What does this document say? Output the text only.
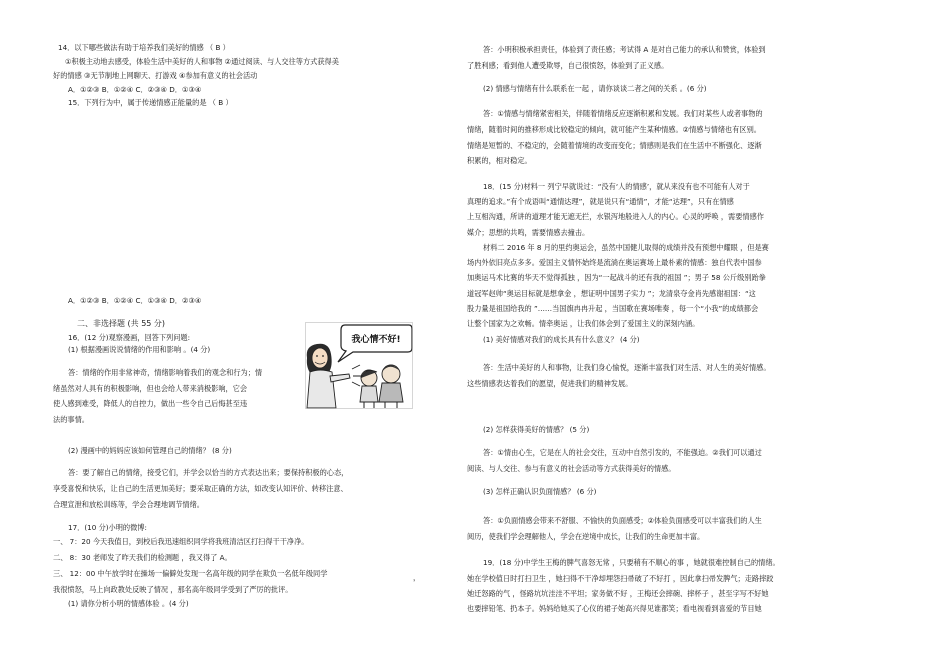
14．以下哪些做法有助于培养我们美好的情感 （ B ）
①积极主动地去感受，体验生活中美好的人和事物 ②通过阅读、与人交往等方式获得美
好的情感 ③无节制地上网聊天、打游戏 ④参加有意义的社会活动
A．①②③ B．①②④ C．②③④ D．①③④
15．下列行为中，属于传递情感正能量的是 （ B ）
A．①②③ B．①②④ C．①③④ D．②③④
二、非选择题 (共 55 分)
16．(12 分)观察漫画，回答下列问题:
(1) 根据漫画说说情绪的作用和影响 。(4 分)
答：情绪的作用非常神奇，情绪影响着我们的观念和行为；情
绪虽然对人具有的积极影响，但也会给人带来消极影响，它会
使人感到难受，降低人的自控力，做出一些令自己后悔甚至违
法的事情。
(2) 漫画中的妈妈应该如何管理自己的情绪？ (8 分)
答：要了解自己的情绪，接受它们，并学会以恰当的方式表达出来；要保持积极的心态，
享受喜悦和快乐，让自己的生活更加美好；要采取正确的方法，如改变认知评价、转移注意、
合理宣泄和放松训练等，学会合理地调节情绪。
17．(10 分)小明的微博:
一、 7：20 今天我值日，到校后我迅速组织同学将我班清洁区打扫得干干净净。
二、 8：30 老师发了昨天我们的检测题 ，我又得了 A。
三、 12：00 中午放学时在操场一偏僻处发现一名高年级的同学在欺负一名低年级同学	，
我很愤怒，马上向政教处反映了情况 ，那名高年级同学受到了严厉的批评。
(1) 请你分析小明的情感体验 。(4 分)
我心情不好!
答：小明积极承担责任，体验到了责任感；考试得 A 是对自己能力的承认和赞赏，体验到
了胜利感；看到他人遭受欺辱，自己很愤怒，体验到了正义感。
(2) 情感与情绪有什么联系在一起 ，请你谈谈二者之间的关系 。(6 分)
答：①情感与情绪紧密相关，伴随着情绪反应逐渐积累和发展。我们对某些人或者事物的
情绪，随着时间的推移形成比较稳定的倾向，就可能产生某种情感。②情感与情绪也有区别。
情绪是短暂的、不稳定的，会随着情境的改变而变化；情感则是我们在生活中不断强化、逐渐
积累的，相对稳定。
18．(15 分)材料一 列宁早就说过：“没有‘人的情感’，就从来没有也不可能有人对于
真理的追求。”有个成语叫“通情达理”，就是说只有“通情”，才能“达理”，只有在情感
上互相沟通，所讲的道理才能无遮无拦，水银泻地般进入人的内心。心灵的呼唤 ，需要情感作
媒介；思想的共鸣，需要情感去撞击。
材料二 2016 年 8 月的里约奥运会，虽然中国健儿取得的成绩并没有预想中耀眼 ，但是赛
场内外依旧亮点多多。爱国主义情怀始终是流淌在奥运赛场上最朴素的情感：独自代表中国参
加奥运马术比赛的华天不觉得孤独 ，因为“一起战斗的还有我的祖国 ”；男子 58 公斤级别跆拳
道冠军赵帅“奥运目标就是想拿金 ，想证明中国男子实力 ”；龙清泉夺金肖先感谢祖国：“这
股力量是祖国给我的 ”……当国旗冉冉升起 ，当国歌在赛场唯奏 ，每一个“小我”的成绩都会
让整个国家为之欢畅。情牵奥运 ，让我们体会到了爱国主义的深刻内涵。
(1) 美好情感对我们的成长具有什么意义？ (4 分)
答：生活中美好的人和事物，让我们身心愉悦，逐渐丰富我们对生活、对人生的美好情感。
这些情感表达着我们的愿望，促进我们的精神发展。
(2) 怎样获得美好的情感？ (5 分)
答：①情由心生，它是在人的社会交往，互动中自然引发的，不能强迫。②我们可以通过
阅读、与人交往、参与有意义的社会活动等方式获得美好的情感。
(3) 怎样正确认识负面情感？ (6 分)
答：①负面情感会带来不舒服、不愉快的负面感受；②体验负面感受可以丰富我们的人生
阅历，使我们学会理解他人，学会在逆境中成长，让我们的生命更加丰富。
19．(18 分)中学生王梅的脾气喜怒无常 ，只要稍有不顺心的事 ，她就很难控制自己的情绪。
她在学校值日时打扫卫生 ，她扫得不干净却埋怨扫帚破了不好打 ，因此拿扫帚发脾气；走路摔跤
她迁怒路的气 ，怪路坑坑洼洼不平坦；家务做不好 ，王梅还会摔碗、摔杯子 ，甚至字写不好她
也要摔铅笔、扔本子。妈妈给她买了心仪的裙子她高兴得见谁都笑；看电视看到喜爱的节目她
